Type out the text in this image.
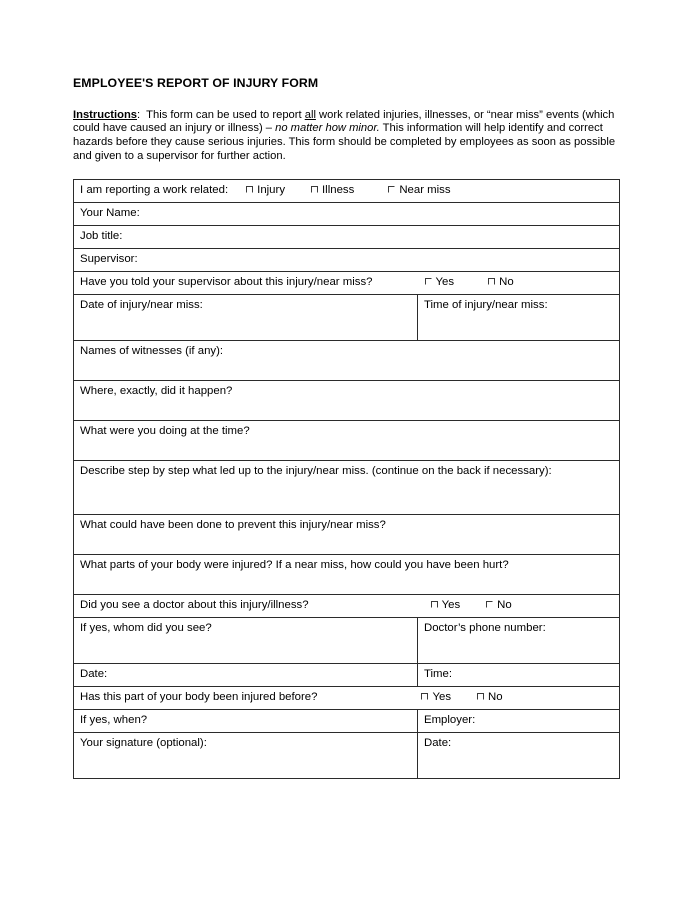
EMPLOYEE'S REPORT OF INJURY FORM

Instructions: This form can be used to report all work related injuries, illnesses, or “near miss” events (which could have caused an injury or illness) – no matter how minor. This information will help identify and correct hazards before they cause serious injuries. This form should be completed by employees as soon as possible and given to a supervisor for further action.

I am reporting a work related: Injury Illness Near miss	
Your Name:	
Job title:	
Supervisor:	
Have you told your supervisor about this injury/near miss? Yes No	
Date of injury/near miss:	Time of injury/near miss:
Names of witnesses (if any):	
Where, exactly, did it happen?	
What were you doing at the time?	
Describe step by step what led up to the injury/near miss. (continue on the back if necessary):	
What could have been done to prevent this injury/near miss?	
What parts of your body were injured? If a near miss, how could you have been hurt?	
Did you see a doctor about this injury/illness? Yes No	
If yes, whom did you see?	Doctor’s phone number:
Date:	Time:
Has this part of your body been injured before? Yes No	
If yes, when?	Employer:
Your signature (optional):	Date:
